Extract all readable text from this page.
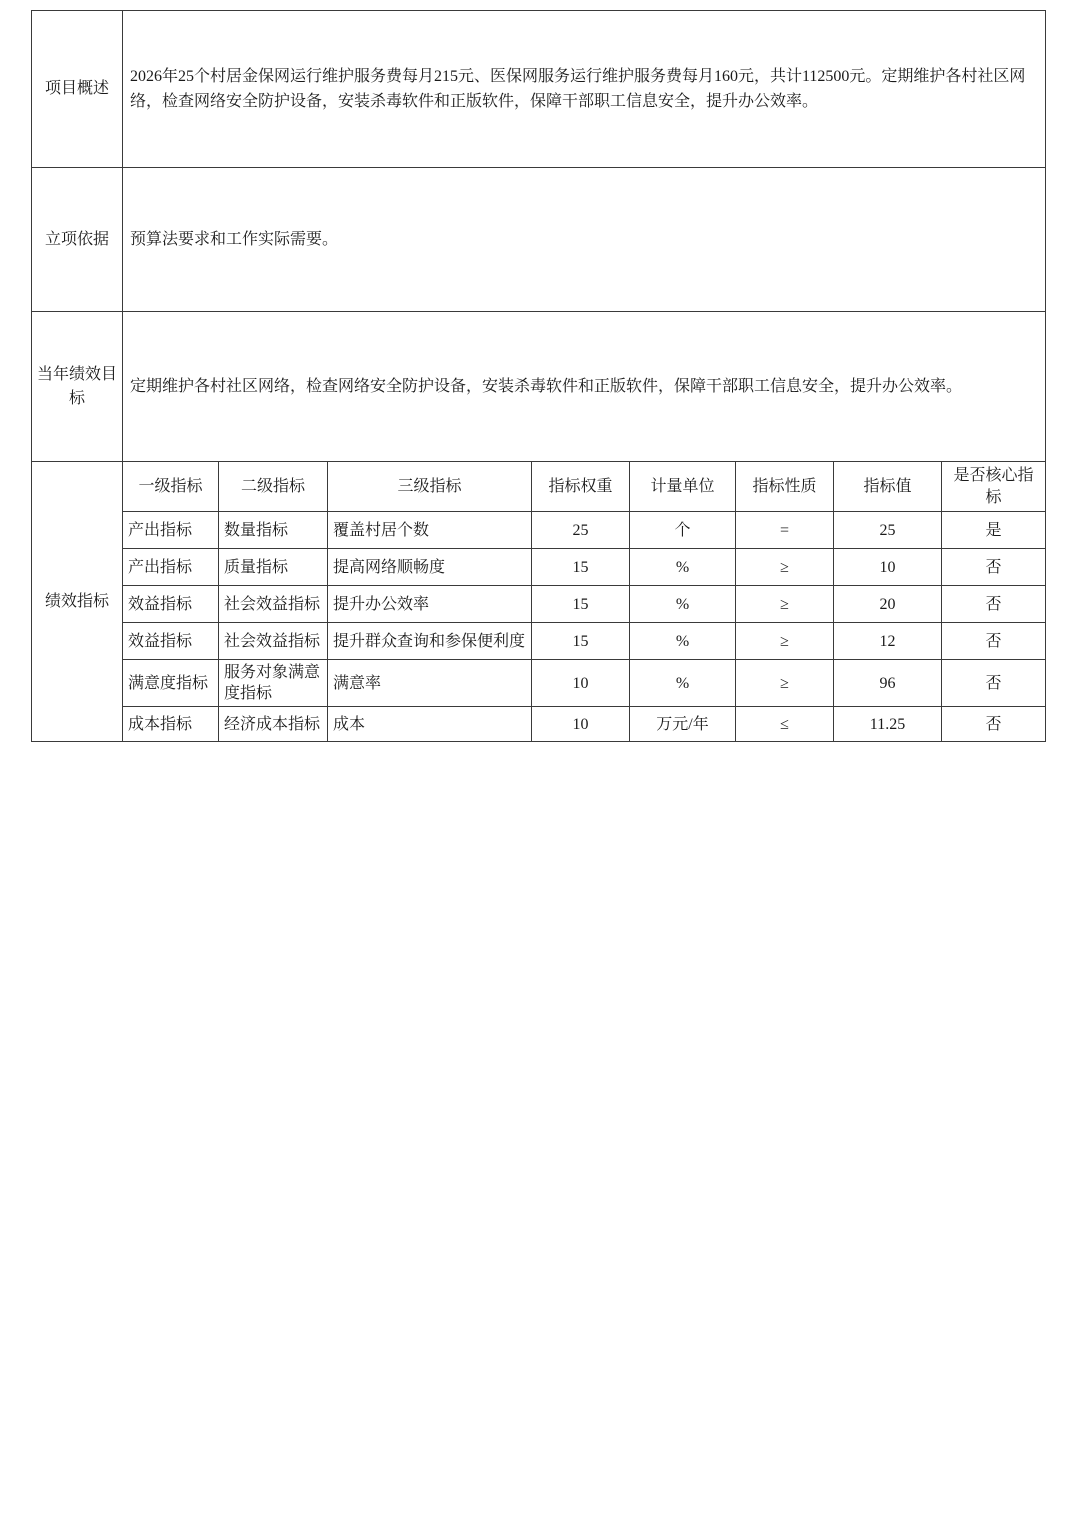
项目概述	2026年25个村居金保网运行维护服务费每月215元、医保网服务运行维护服务费每月160元，共计112500元。定期维护各村社区网络，检查网络安全防护设备，安装杀毒软件和正版软件，保障干部职工信息安全，提升办公效率。							
立项依据	预算法要求和工作实际需要。							
当年绩效目标	定期维护各村社区网络，检查网络安全防护设备，安装杀毒软件和正版软件，保障干部职工信息安全，提升办公效率。							
绩效指标	一级指标	二级指标	三级指标	指标权重	计量单位	指标性质	指标值	是否核心指标
	产出指标	数量指标	覆盖村居个数	25	个	=	25	是
	产出指标	质量指标	提高网络顺畅度	15	%	≥	10	否
	效益指标	社会效益指标	提升办公效率	15	%	≥	20	否
	效益指标	社会效益指标	提升群众查询和参保便利度	15	%	≥	12	否
	满意度指标	服务对象满意度指标	满意率	10	%	≥	96	否
	成本指标	经济成本指标	成本	10	万元/年	≤	11.25	否
